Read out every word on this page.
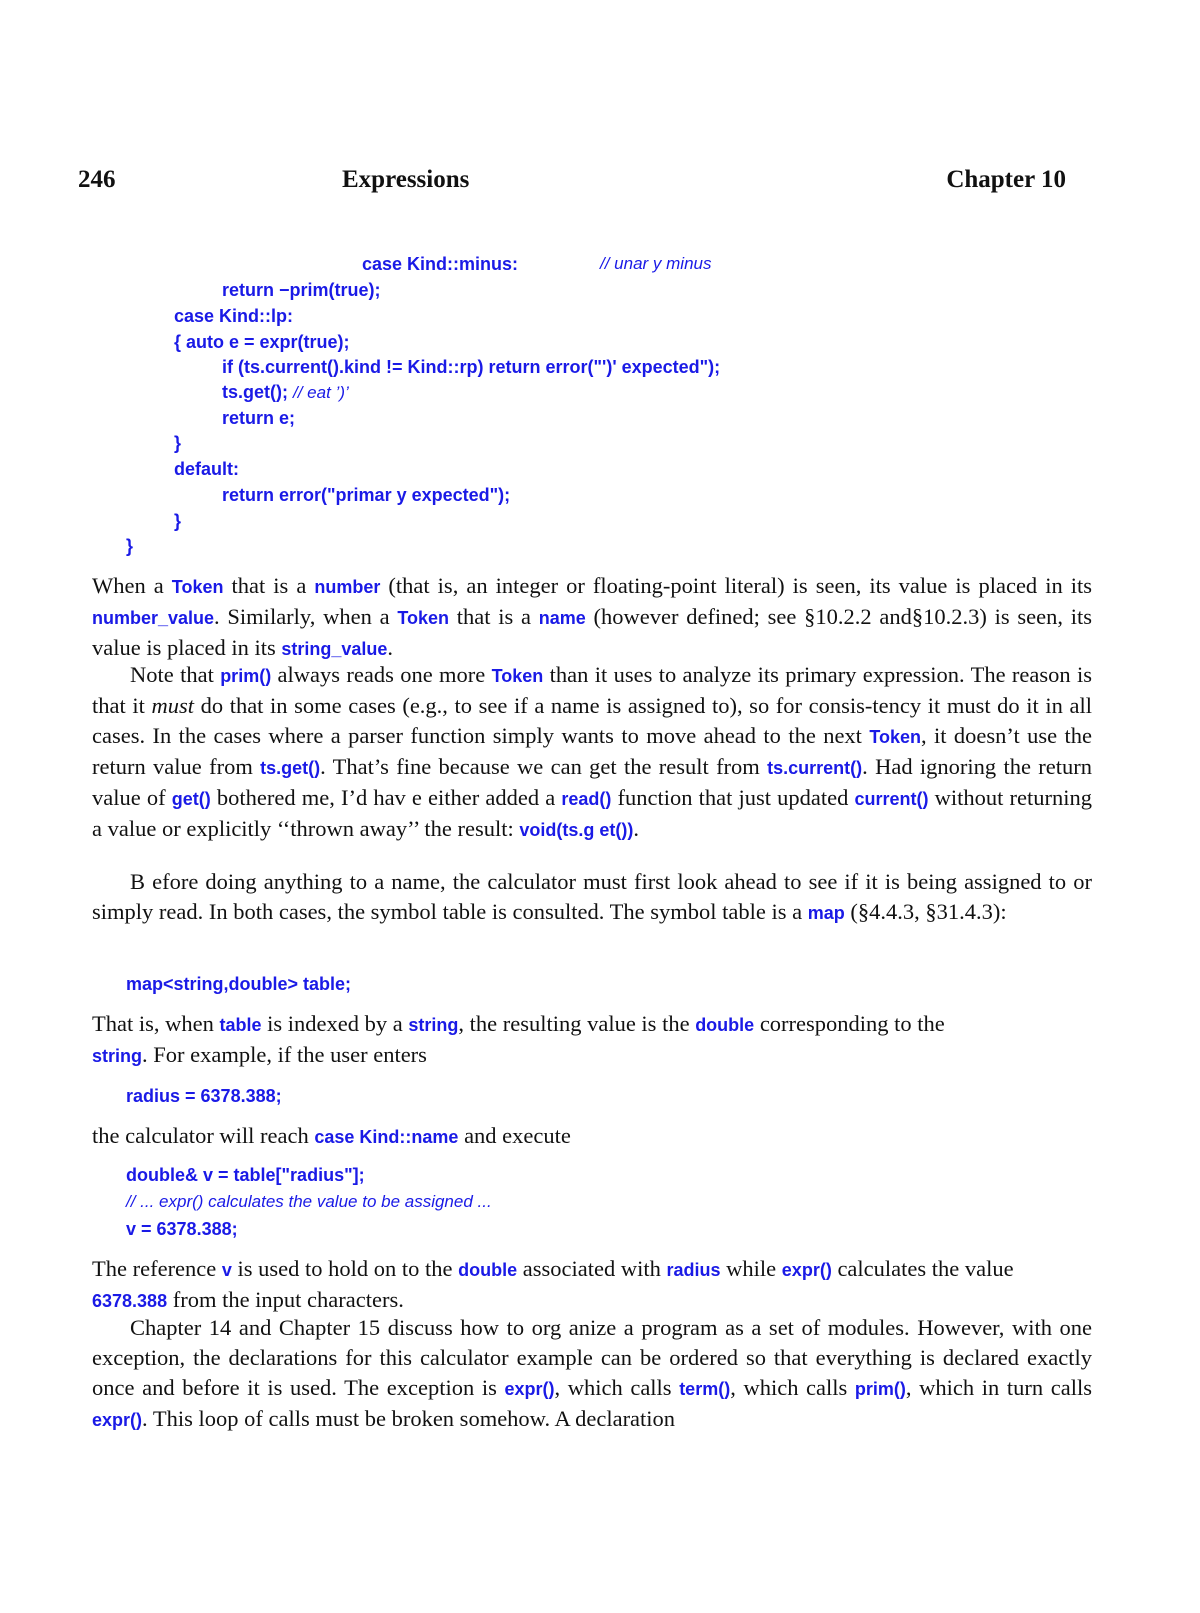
246	Expressions	Chapter 10
case Kind::minus:	// unar y minus
return −prim(true);
case Kind::lp:
{ auto e = expr(true);
if (ts.current().kind != Kind::rp) return error("')' expected");
ts.get(); // eat ’)’
return e;
}
default:
return error("primar y expected");
}
}
When a Token that is a number (that is, an integer or floating-point literal) is seen, its value is placed in its number_value. Similarly, when a Token that is a name (however defined; see §10.2.2 and§10.2.3) is seen, its value is placed in its string_value.
Note that prim() always reads one more Token than it uses to analyze its primary expression. The reason is that it must do that in some cases (e.g., to see if a name is assigned to), so for consis-tency it must do it in all cases. In the cases where a parser function simply wants to move ahead to the next Token, it doesn’t use the return value from ts.get(). That’s fine because we can get the result from ts.current(). Had ignoring the return value of get() bothered me, I’d hav e either added a read() function that just updated current() without returning a value or explicitly ‘‘thrown away’’ the result: void(ts.g et()).
B efore doing anything to a name, the calculator must first look ahead to see if it is being assigned to or simply read. In both cases, the symbol table is consulted. The symbol table is a map (§4.4.3, §31.4.3):
map<string,double> table;
That is, when table is indexed by a string, the resulting value is the double corresponding to the
string. For example, if the user enters
radius = 6378.388;
the calculator will reach case Kind::name and execute
double& v = table["radius"];
// ... expr() calculates the value to be assigned ...
v = 6378.388;
The reference v is used to hold on to the double associated with radius while expr() calculates the value 6378.388 from the input characters.
Chapter 14 and Chapter 15 discuss how to org anize a program as a set of modules. However, with one exception, the declarations for this calculator example can be ordered so that everything is declared exactly once and before it is used. The exception is expr(), which calls term(), which calls prim(), which in turn calls expr(). This loop of calls must be broken somehow. A declaration
